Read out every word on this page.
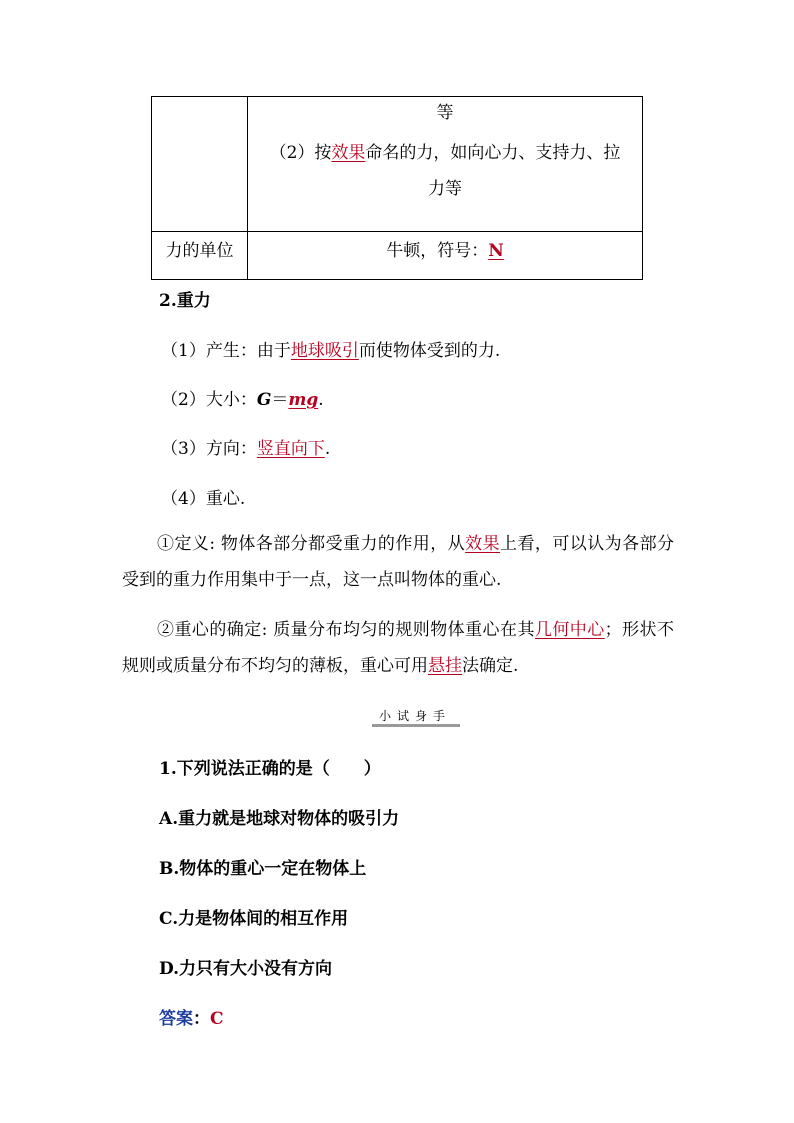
	等
（2）按效果命名的力，如向心力、支持力、拉
力等

力的单位	牛顿，符号：N
2.重力
（1）产生：由于地球吸引而使物体受到的力.
（2）大小：G＝mg.
（3）方向：竖直向下.
（4）重心.
①定义: 物体各部分都受重力的作用，从效果上看，可以认为各部分受到的重力作用集中于一点，这一点叫物体的重心.
②重心的确定: 质量分布均匀的规则物体重心在其几何中心；形状不规则或质量分布不均匀的薄板，重心可用悬挂法确定.
小试身手
1.下列说法正确的是（　　）
A.重力就是地球对物体的吸引力
B.物体的重心一定在物体上
C.力是物体间的相互作用
D.力只有大小没有方向
答案：C
